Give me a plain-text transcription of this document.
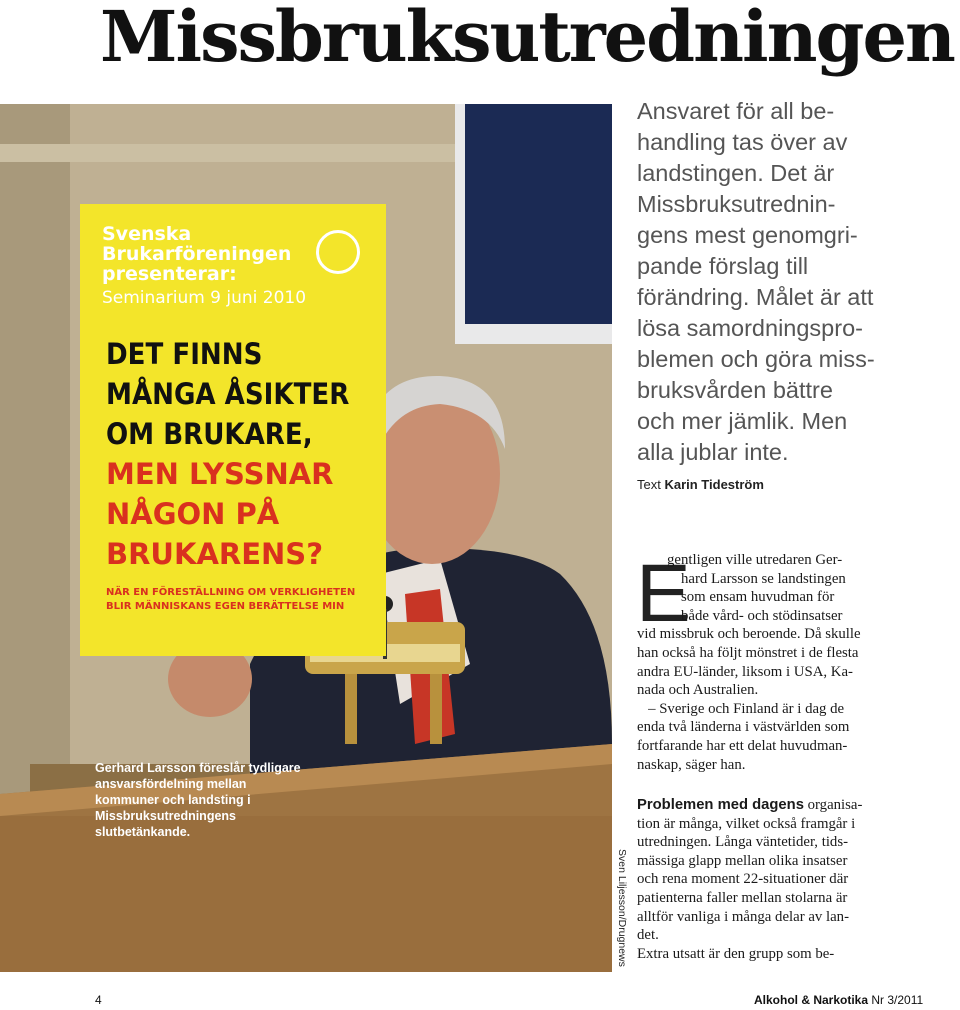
Missbruksutredningen
Svenska Brukarföreningen presenterar:
Seminarium 9 juni 2010
DET FINNS
MÅNGA ÅSIKTER
OM BRUKARE,
MEN LYSSNAR
NÅGON PÅ
BRUKARENS?
NÄR EN FÖRESTÄLLNING OM VERKLIGHETEN
BLIR MÄNNISKANS EGEN BERÄTTELSE MIN
Gerhard Larsson föreslår tydligare ansvarsfördelning mellan kommuner och landsting i Missbruksutredningens slutbetänkande.
Sven Liljesson/Drugnews
Ansvaret för all be-
handling tas över av
landstingen. Det är
Missbruksutrednin-
gens mest genomgri-
pande förslag till
förändring. Målet är att
lösa samordningspro-
blemen och göra miss-
bruksvården bättre
och mer jämlik. Men
alla jublar inte.
Text Karin Tideström
E
gentligen ville utredaren Ger-
hard Larsson se landstingen
som ensam huvudman för
både vård- och stödinsatser
vid missbruk och beroende. Då skulle
han också ha följt mönstret i de flesta
andra EU-länder, liksom i USA, Ka-
nada och Australien.
– Sverige och Finland är i dag de
enda två länderna i västvärlden som
fortfarande har ett delat huvudman-
naskap, säger han.
Problemen med dagens organisa-
tion är många, vilket också framgår i
utredningen. Långa väntetider, tids-
mässiga glapp mellan olika insatser
och rena moment 22-situationer där
patienterna faller mellan stolarna är
alltför vanliga i många delar av lan-
det.
Extra utsatt är den grupp som be-
4	Alkohol & Narkotika Nr 3/2011
